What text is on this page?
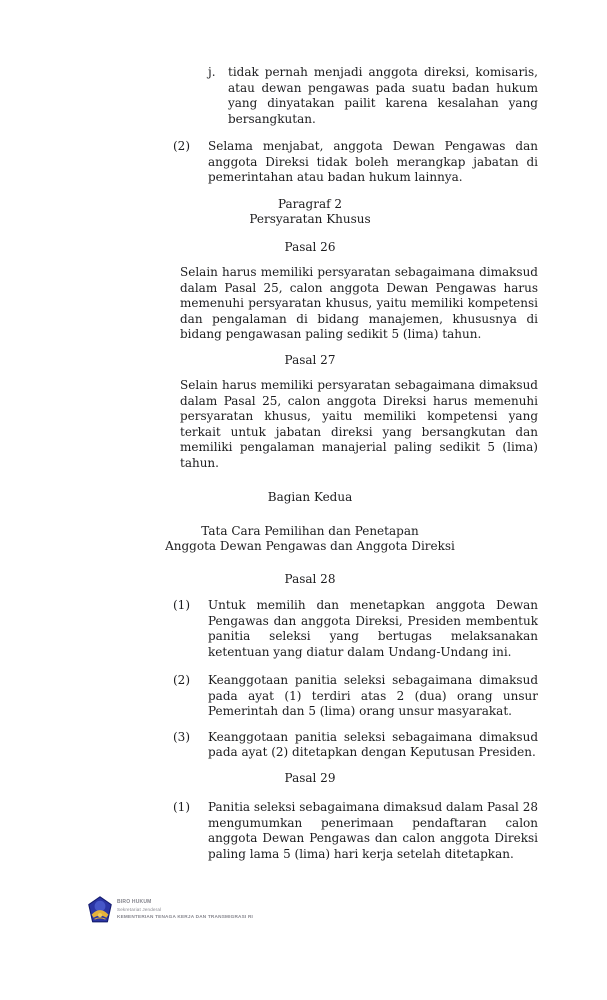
j.	tidak pernah menjadi anggota direksi, komisaris, atau dewan pengawas pada suatu badan hukum yang dinyatakan pailit karena kesalahan yang bersangkutan.
(2)	Selama menjabat, anggota Dewan Pengawas dan anggota Direksi tidak boleh merangkap jabatan di pemerintahan atau badan hukum lainnya.
Paragraf 2
Persyaratan Khusus
Pasal 26
Selain harus memiliki persyaratan sebagaimana dimaksud dalam Pasal 25, calon anggota Dewan Pengawas harus memenuhi persyaratan khusus, yaitu memiliki kompetensi dan pengalaman di bidang manajemen, khususnya di bidang pengawasan paling sedikit 5 (lima) tahun.
Pasal 27
Selain harus memiliki persyaratan sebagaimana dimaksud dalam Pasal 25, calon anggota Direksi harus memenuhi persyaratan khusus, yaitu memiliki kompetensi yang terkait untuk jabatan direksi yang bersangkutan dan memiliki pengalaman manajerial paling sedikit 5 (lima) tahun.
Bagian Kedua
Tata Cara Pemilihan dan Penetapan
Anggota Dewan Pengawas dan Anggota Direksi
Pasal 28
(1)	Untuk memilih dan menetapkan anggota Dewan Pengawas dan anggota Direksi, Presiden membentuk panitia seleksi yang bertugas melaksanakan ketentuan yang diatur dalam Undang-Undang ini.
(2)	Keanggotaan panitia seleksi sebagaimana dimaksud pada ayat (1) terdiri atas 2 (dua) orang unsur Pemerintah dan 5 (lima) orang unsur masyarakat.
(3)	Keanggotaan panitia seleksi sebagaimana dimaksud pada ayat (2) ditetapkan dengan Keputusan Presiden.
Pasal 29
(1)	Panitia seleksi sebagaimana dimaksud dalam Pasal 28 mengumumkan penerimaan pendaftaran calon anggota Dewan Pengawas dan calon anggota Direksi paling lama 5 (lima) hari kerja setelah ditetapkan.
BIRO HUKUM
Sekretariat Jenderal
KEMENTERIAN TENAGA KERJA DAN TRANSMIGRASI RI
